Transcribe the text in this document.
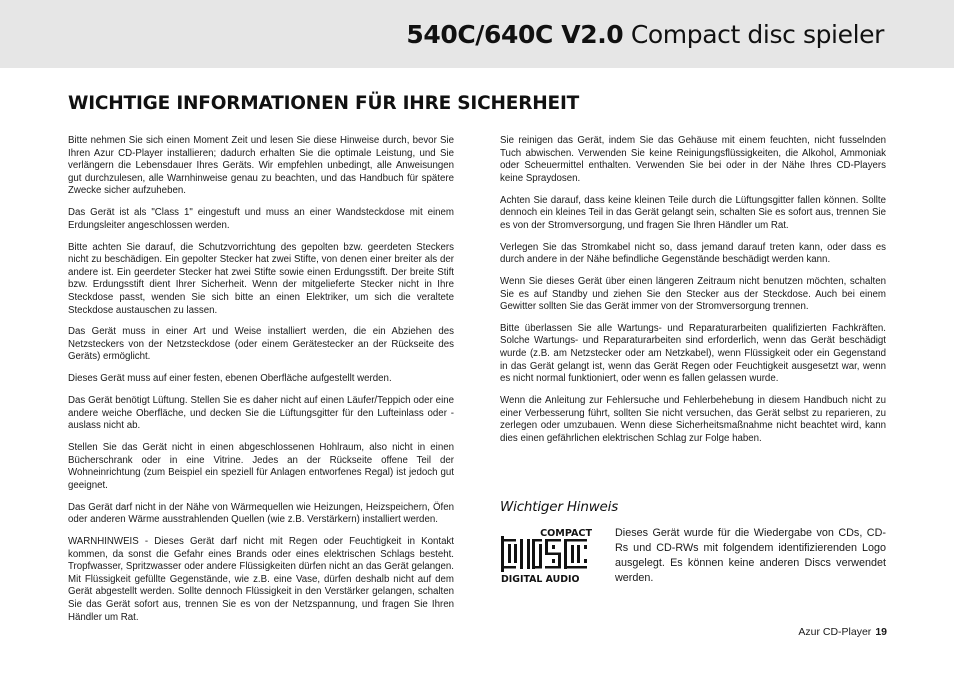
540C/640C V2.0 Compact disc spieler
WICHTIGE INFORMATIONEN FÜR IHRE SICHERHEIT

Bitte nehmen Sie sich einen Moment Zeit und lesen Sie diese Hinweise durch, bevor Sie Ihren Azur CD-Player installieren; dadurch erhalten Sie die optimale Leistung, und Sie verlängern die Lebensdauer Ihres Geräts. Wir empfehlen unbedingt, alle Anweisungen gut durchzulesen, alle Warnhinweise genau zu beachten, und das Handbuch für spätere Zwecke sicher aufzuheben.

Das Gerät ist als "Class 1" eingestuft und muss an einer Wandsteckdose mit einem Erdungsleiter angeschlossen werden.

Bitte achten Sie darauf, die Schutzvorrichtung des gepolten bzw. geerdeten Steckers nicht zu beschädigen. Ein gepolter Stecker hat zwei Stifte, von denen einer breiter als der andere ist. Ein geerdeter Stecker hat zwei Stifte sowie einen Erdungsstift. Der breite Stift bzw. Erdungsstift dient Ihrer Sicherheit. Wenn der mitgelieferte Stecker nicht in Ihre Steckdose passt, wenden Sie sich bitte an einen Elektriker, um sich die veraltete Steckdose austauschen zu lassen.

Das Gerät muss in einer Art und Weise installiert werden, die ein Abziehen des Netzsteckers von der Netzsteckdose (oder einem Gerätestecker an der Rückseite des Geräts) ermöglicht.

Dieses Gerät muss auf einer festen, ebenen Oberfläche aufgestellt werden.

Das Gerät benötigt Lüftung. Stellen Sie es daher nicht auf einen Läufer/Teppich oder eine andere weiche Oberfläche, und decken Sie die Lüftungsgitter für den Lufteinlass oder -auslass nicht ab.

Stellen Sie das Gerät nicht in einen abgeschlossenen Hohlraum, also nicht in einen Bücherschrank oder in eine Vitrine. Jedes an der Rückseite offene Teil der Wohneinrichtung (zum Beispiel ein speziell für Anlagen entworfenes Regal) ist jedoch gut geeignet.

Das Gerät darf nicht in der Nähe von Wärmequellen wie Heizungen, Heizspeichern, Öfen oder anderen Wärme ausstrahlenden Quellen (wie z.B. Verstärkern) installiert werden.

WARNHINWEIS - Dieses Gerät darf nicht mit Regen oder Feuchtigkeit in Kontakt kommen, da sonst die Gefahr eines Brands oder eines elektrischen Schlags besteht. Tropfwasser, Spritzwasser oder andere Flüssigkeiten dürfen nicht an das Gerät gelangen. Mit Flüssigkeit gefüllte Gegenstände, wie z.B. eine Vase, dürfen deshalb nicht auf dem Gerät abgestellt werden. Sollte dennoch Flüssigkeit in den Verstärker gelangen, schalten Sie das Gerät sofort aus, trennen Sie es von der Netzspannung, und fragen Sie Ihren Händler um Rat.

Sie reinigen das Gerät, indem Sie das Gehäuse mit einem feuchten, nicht fusselnden Tuch abwischen. Verwenden Sie keine Reinigungsflüssigkeiten, die Alkohol, Ammoniak oder Scheuermittel enthalten. Verwenden Sie bei oder in der Nähe Ihres CD-Players keine Spraydosen.

Achten Sie darauf, dass keine kleinen Teile durch die Lüftungsgitter fallen können. Sollte dennoch ein kleines Teil in das Gerät gelangt sein, schalten Sie es sofort aus, trennen Sie es von der Stromversorgung, und fragen Sie Ihren Händler um Rat.

Verlegen Sie das Stromkabel nicht so, dass jemand darauf treten kann, oder dass es durch andere in der Nähe befindliche Gegenstände beschädigt werden kann.

Wenn Sie dieses Gerät über einen längeren Zeitraum nicht benutzen möchten, schalten Sie es auf Standby und ziehen Sie den Stecker aus der Steckdose. Auch bei einem Gewitter sollten Sie das Gerät immer von der Stromversorgung trennen.

Bitte überlassen Sie alle Wartungs- und Reparaturarbeiten qualifizierten Fachkräften. Solche Wartungs- und Reparaturarbeiten sind erforderlich, wenn das Gerät beschädigt wurde (z.B. am Netzstecker oder am Netzkabel), wenn Flüssigkeit oder ein Gegenstand in das Gerät gelangt ist, wenn das Gerät Regen oder Feuchtigkeit ausgesetzt war, wenn es nicht normal funktioniert, oder wenn es fallen gelassen wurde.

Wenn die Anleitung zur Fehlersuche und Fehlerbehebung in diesem Handbuch nicht zu einer Verbesserung führt, sollten Sie nicht versuchen, das Gerät selbst zu reparieren, zu zerlegen oder umzubauen. Wenn diese Sicherheitsmaßnahme nicht beachtet wird, kann dies einen gefährlichen elektrischen Schlag zur Folge haben.

Wichtiger Hinweis
COMPACT
DIGITAL AUDIO

Dieses Gerät wurde für die Wiedergabe von CDs, CD-Rs und CD-RWs mit folgendem identifizierenden Logo ausgelegt. Es können keine anderen Discs verwendet werden.

Azur CD-Player 19
